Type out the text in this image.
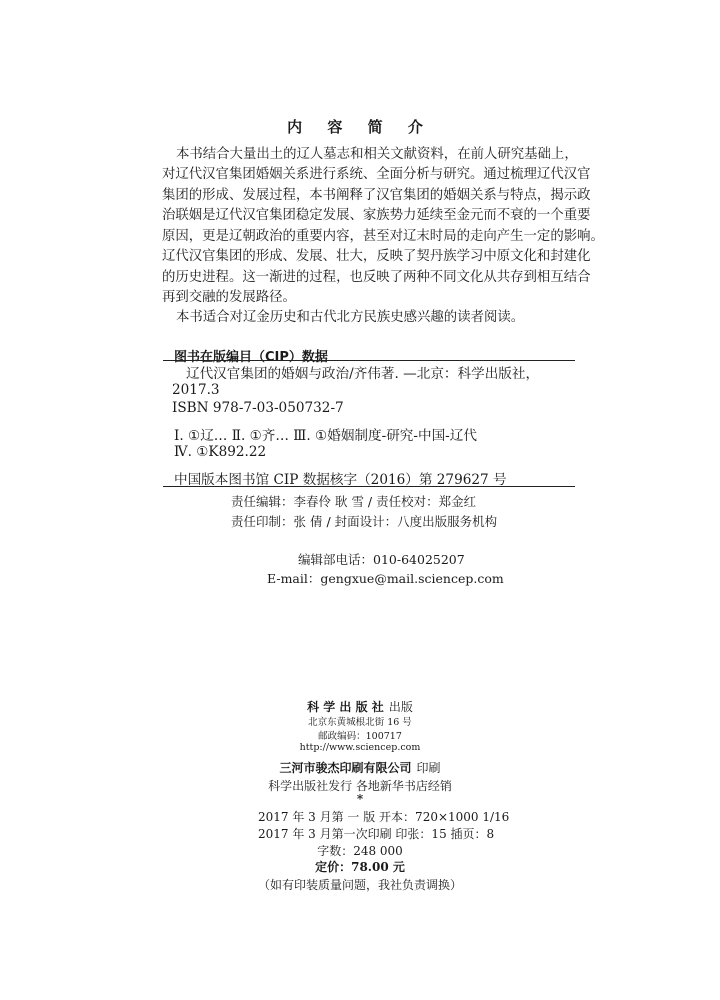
内 容 简 介

本书结合大量出土的辽人墓志和相关文献资料，在前人研究基础上，

对辽代汉官集团婚姻关系进行系统、全面分析与研究。通过梳理辽代汉官

集团的形成、发展过程，本书阐释了汉官集团的婚姻关系与特点，揭示政

治联姻是辽代汉官集团稳定发展、家族势力延续至金元而不衰的一个重要

原因，更是辽朝政治的重要内容，甚至对辽末时局的走向产生一定的影响。

辽代汉官集团的形成、发展、壮大，反映了契丹族学习中原文化和封建化

的历史进程。这一渐进的过程，也反映了两种不同文化从共存到相互结合

再到交融的发展路径。

本书适合对辽金历史和古代北方民族史感兴趣的读者阅读。

图书在版编目（CIP）数据

辽代汉官集团的婚姻与政治/齐伟著. —北京：科学出版社，

2017.3

ISBN 978-7-03-050732-7

Ⅰ. ①辽… Ⅱ. ①齐… Ⅲ. ①婚姻制度-研究-中国-辽代

Ⅳ. ①K892.22

中国版本图书馆 CIP 数据核字（2016）第 279627 号

责任编辑：李春伶 耿 雪 / 责任校对：郑金红
责任印制：张 倩 / 封面设计：八度出版服务机构
编辑部电话：010-64025207
E-mail：gengxue@mail.sciencep.com
科 学 出 版 社 出版
北京东黄城根北街 16 号
邮政编码：100717
http://www.sciencep.com
三河市骏杰印刷有限公司 印刷
科学出版社发行 各地新华书店经销
*
2017 年 3 月第 一 版 开本：720×1000 1/16
2017 年 3 月第一次印刷 印张：15 插页：8
字数：248 000
定价：78.00 元
（如有印装质量问题，我社负责调换）
